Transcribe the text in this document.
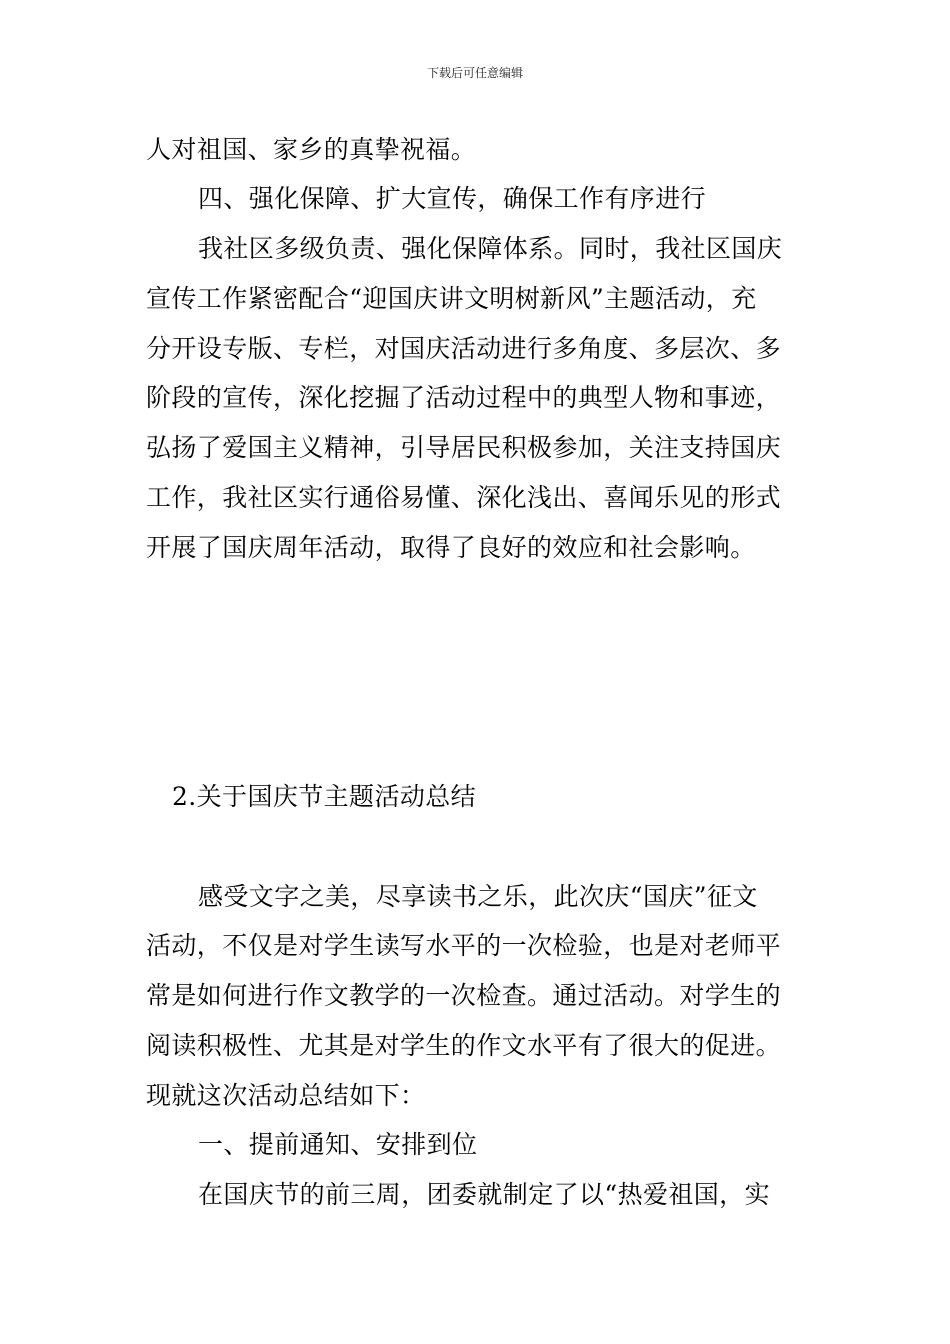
下载后可任意编辑
人对祖国、家乡的真挚祝福。
四、强化保障、扩大宣传，确保工作有序进行
我社区多级负责、强化保障体系。同时，我社区国庆
宣传工作紧密配合“迎国庆讲文明树新风”主题活动，充
分开设专版、专栏，对国庆活动进行多角度、多层次、多
阶段的宣传，深化挖掘了活动过程中的典型人物和事迹，
弘扬了爱国主义精神，引导居民积极参加，关注支持国庆
工作，我社区实行通俗易懂、深化浅出、喜闻乐见的形式
开展了国庆周年活动，取得了良好的效应和社会影响。
2.关于国庆节主题活动总结
感受文字之美，尽享读书之乐，此次庆“国庆”征文
活动，不仅是对学生读写水平的一次检验，也是对老师平
常是如何进行作文教学的一次检查。通过活动。对学生的
阅读积极性、尤其是对学生的作文水平有了很大的促进。
现就这次活动总结如下：
一、提前通知、安排到位
在国庆节的前三周，团委就制定了以“热爱祖国，实
